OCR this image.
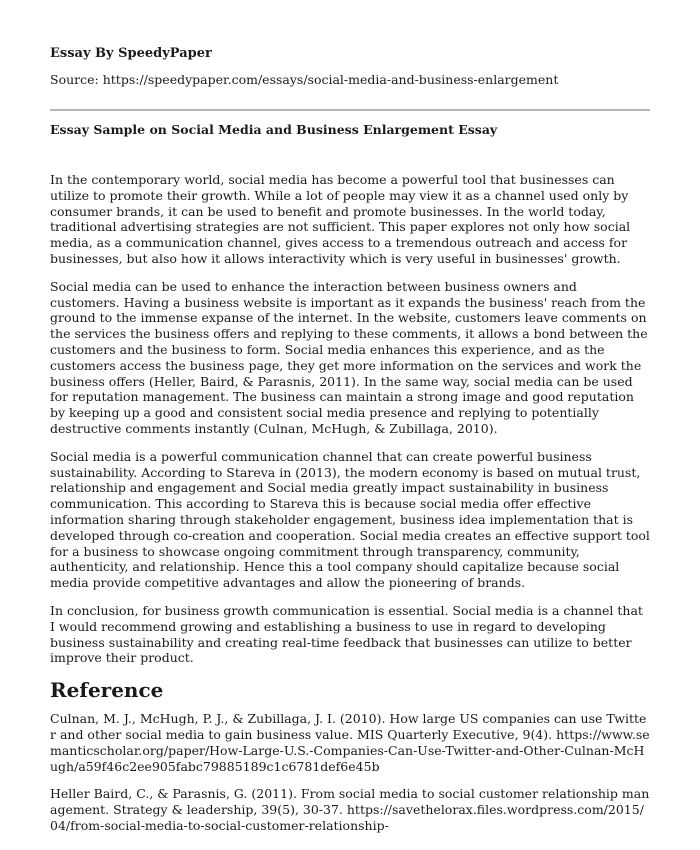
Essay By SpeedyPaper
Source: https://speedypaper.com/essays/social-media-and-business-enlargement
Essay Sample on Social Media and Business Enlargement Essay

In the contemporary world, social media has become a powerful tool that businesses can utilize to promote their growth. While a lot of people may view it as a channel used only by consumer brands, it can be used to benefit and promote businesses. In the world today, traditional advertising strategies are not sufficient. This paper explores not only how social media, as a communication channel, gives access to a tremendous outreach and access for businesses, but also how it allows interactivity which is very useful in businesses' growth.

Social media can be used to enhance the interaction between business owners and customers. Having a business website is important as it expands the business' reach from the ground to the immense expanse of the internet. In the website, customers leave comments on the services the business offers and replying to these comments, it allows a bond between the customers and the business to form. Social media enhances this experience, and as the customers access the business page, they get more information on the services and work the business offers (Heller, Baird, & Parasnis, 2011). In the same way, social media can be used for reputation management. The business can maintain a strong image and good reputation by keeping up a good and consistent social media presence and replying to potentially destructive comments instantly (Culnan, McHugh, & Zubillaga, 2010).

Social media is a powerful communication channel that can create powerful business sustainability. According to Stareva in (2013), the modern economy is based on mutual trust, relationship and engagement and Social media greatly impact sustainability in business communication. This according to Stareva this is because social media offer effective information sharing through stakeholder engagement, business idea implementation that is developed through co-creation and cooperation. Social media creates an effective support tool for a business to showcase ongoing commitment through transparency, community, authenticity, and relationship. Hence this a tool company should capitalize because social media provide competitive advantages and allow the pioneering of brands.

In conclusion, for business growth communication is essential. Social media is a channel that I would recommend growing and establishing a business to use in regard to developing business sustainability and creating real-time feedback that businesses can utilize to better improve their product.

Reference

Culnan, M. J., McHugh, P. J., & Zubillaga, J. I. (2010). How large US companies can use Twitter and other social media to gain business value. MIS Quarterly Executive, 9(4). https://www.semanticscholar.org/paper/How-Large-U.S.-Companies-Can-Use-Twitter-and-Other-Culnan-McHugh/a59f46c2ee905fabc79885189c1c6781def6e45b

Heller Baird, C., & Parasnis, G. (2011). From social media to social customer relationship management. Strategy & leadership, 39(5), 30-37. https://savethelorax.files.wordpress.com/2015/04/from-social-media-to-social-customer-relationship-
